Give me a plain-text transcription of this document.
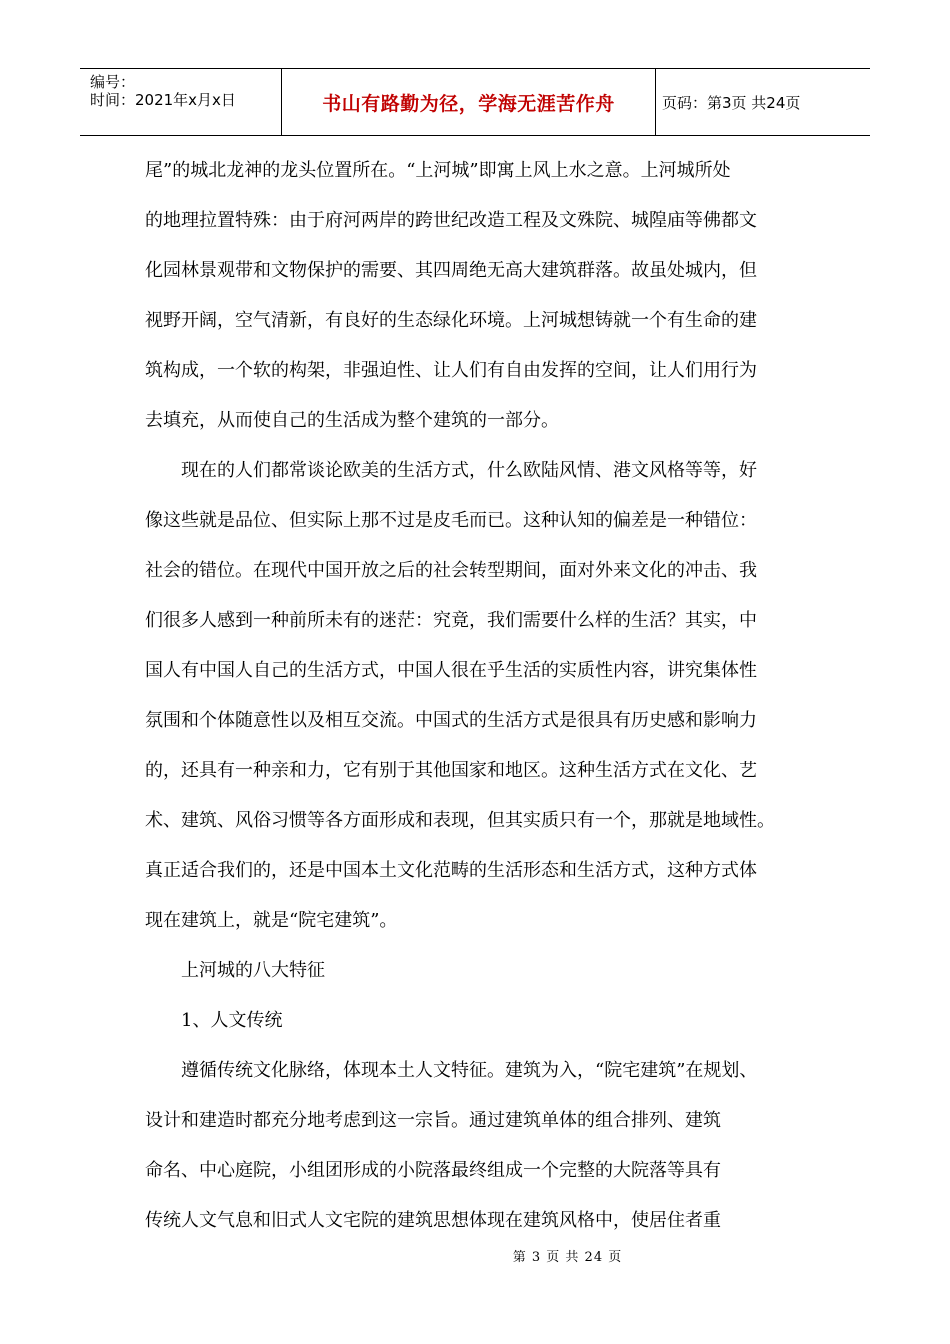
编号：
时间：2021年x月x日	书山有路勤为径，学海无涯苦作舟	页码：第3页 共24页
尾”的城北龙神的龙头位置所在。“上河城”即寓上风上水之意。上河城所处
的地理拉置特殊：由于府河两岸的跨世纪改造工程及文殊院、城隍庙等佛都文
化园林景观带和文物保护的需要、其四周绝无高大建筑群落。故虽处城内，但
视野开阔，空气清新，有良好的生态绿化环境。上河城想铸就一个有生命的建
筑构成，一个软的构架，非强迫性、让人们有自由发挥的空间，让人们用行为
去填充，从而使自己的生活成为整个建筑的一部分。
现在的人们都常谈论欧美的生活方式，什么欧陆风情、港文风格等等，好
像这些就是品位、但实际上那不过是皮毛而已。这种认知的偏差是一种错位：
社会的错位。在现代中国开放之后的社会转型期间，面对外来文化的冲击、我
们很多人感到一种前所未有的迷茫：究竟，我们需要什么样的生活？其实，中
国人有中国人自己的生活方式，中国人很在乎生活的实质性内容，讲究集体性
氛围和个体随意性以及相互交流。中国式的生活方式是很具有历史感和影响力
的，还具有一种亲和力，它有别于其他国家和地区。这种生活方式在文化、艺
术、建筑、风俗习惯等各方面形成和表现，但其实质只有一个，那就是地域性。
真正适合我们的，还是中国本土文化范畴的生活形态和生活方式，这种方式体
现在建筑上，就是“院宅建筑”。
上河城的八大特征
1、人文传统
遵循传统文化脉络，体现本土人文特征。建筑为入，“院宅建筑”在规划、
设计和建造时都充分地考虑到这一宗旨。通过建筑单体的组合排列、建筑
命名、中心庭院，小组团形成的小院落最终组成一个完整的大院落等具有
传统人文气息和旧式人文宅院的建筑思想体现在建筑风格中，使居住者重
第 3 页 共 24 页
